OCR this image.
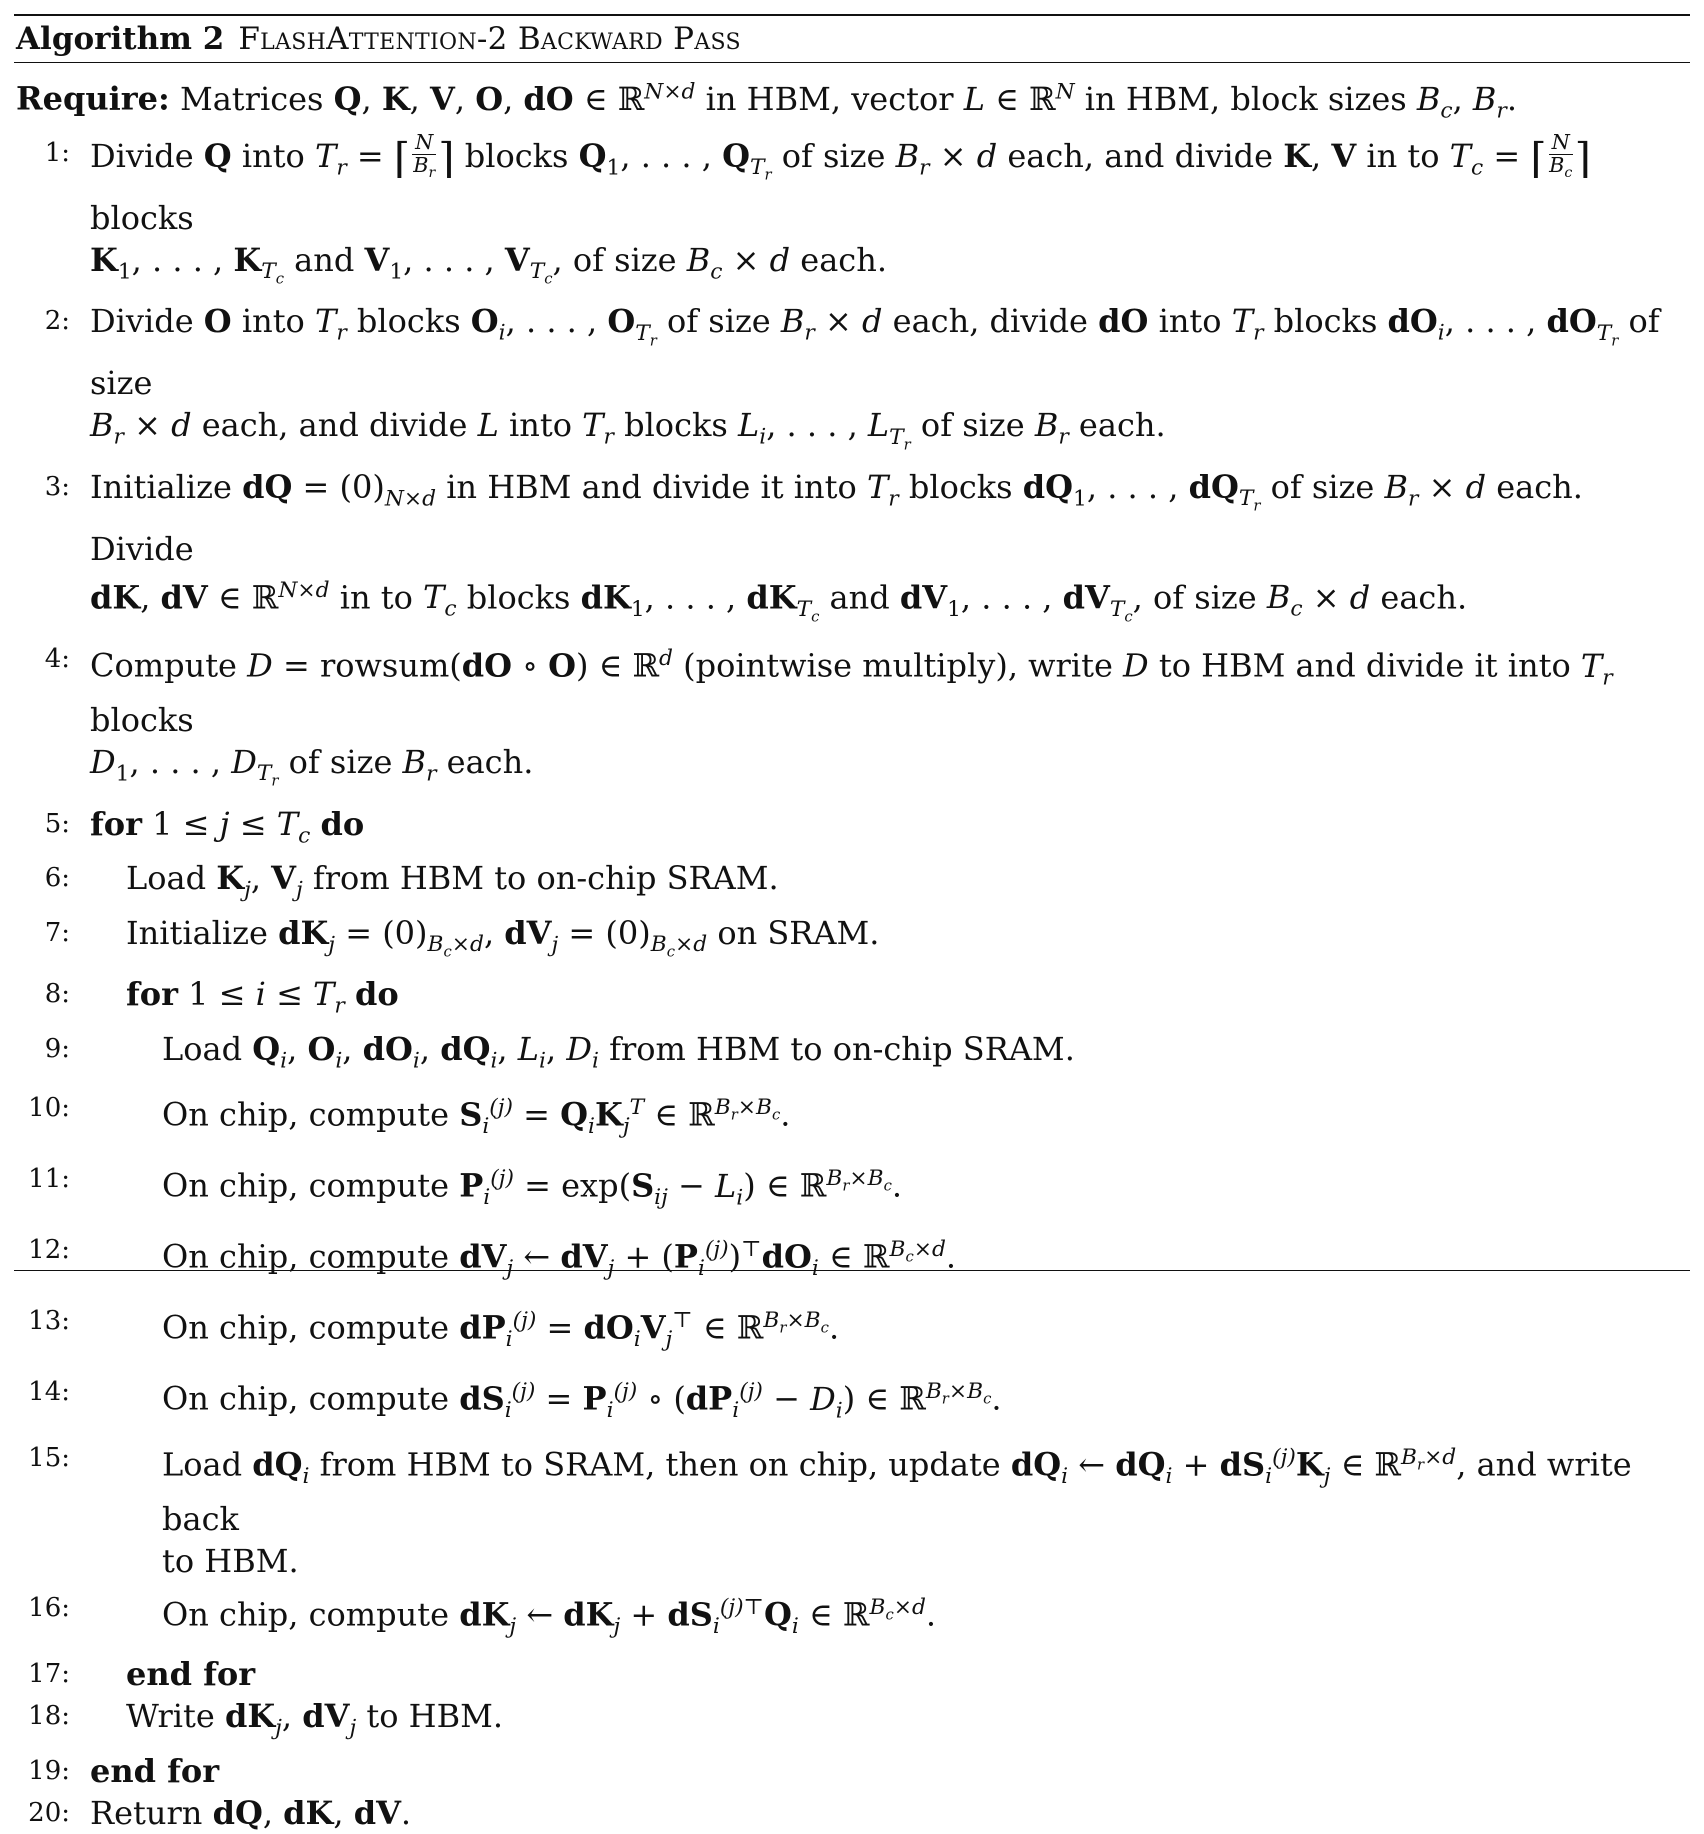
Algorithm 2 FlashAttention-2 Backward Pass
Require: Matrices Q, K, V, O, dO ∈ ℝ$^{N\times d}$ in HBM, vector L ∈ ℝ$^N$ in HBM, block sizes $B_c$, $B_r$.
1: Divide Q into $T_r$ = ⌈ $\frac{N}{B_r}$ ⌉ blocks $Q_1$, . . . , $Q_{T_r}$ of size $B_r \times d$ each, and divide K, V in to $T_c$ = ⌈ $\frac{N}{B_c}$ ⌉ blocks
$K_1$, . . . , $K_{T_c}$ and $V_1$, . . . , $V_{T_c}$, of size $B_c \times d$ each.
2: Divide O into $T_r$ blocks $O_i$, . . . , $O_{T_r}$ of size $B_r \times d$ each, divide dO into $T_r$ blocks $dO_i$, . . . , $dO_{T_r}$ of size
$B_r \times d$ each, and divide L into $T_r$ blocks $L_i$, . . . , $L_{T_r}$ of size $B_r$ each.
3: Initialize dQ = $(0)_{N\times d}$ in HBM and divide it into $T_r$ blocks $dQ_1$, . . . , $dQ_{T_r}$ of size $B_r \times d$ each. Divide
dK, dV ∈ ℝ$^{N\times d}$ in to $T_c$ blocks $dK_1$, . . . , $dK_{T_c}$ and $dV_1$, . . . , $dV_{T_c}$, of size $B_c \times d$ each.
4: Compute D = rowsum(dO ∘ O) ∈ ℝ$^d$ (pointwise multiply), write D to HBM and divide it into $T_r$ blocks
$D_1$, . . . , $D_{T_r}$ of size $B_r$ each.
5: for $1 \le j \le T_c$ do
6:	Load $K_j$, $V_j$ from HBM to on-chip SRAM.
7:	Initialize $dK_j = (0)_{B_c\times d}$, $dV_j = (0)_{B_c\times d}$ on SRAM.
8:	for $1 \le i \le T_r$ do
9:	Load $Q_i$, $O_i$, $dO_i$, $dQ_i$, $L_i$, $D_i$ from HBM to on-chip SRAM.
10:	On chip, compute $S_i^{(j)} = Q_iK_j^T$ ∈ ℝ$^{B_r\times B_c}$.
11:	On chip, compute $P_i^{(j)} = \exp(S_{ij} - L_i)$ ∈ ℝ$^{B_r\times B_c}$.
12:	On chip, compute $dV_j$ ← $dV_j + (P_i^{(j)})^⊤dO_i$ ∈ ℝ$^{B_c\times d}$.
13:	On chip, compute $dP_i^{(j)} = dO_iV_j^⊤$ ∈ ℝ$^{B_r\times B_c}$.
14:	On chip, compute $dS_i^{(j)} = P_i^{(j)}$ ∘ $(dP_i^{(j)} - D_i)$ ∈ ℝ$^{B_r\times B_c}$.
15:	Load $dQ_i$ from HBM to SRAM, then on chip, update $dQ_i$ ← $dQ_i + dS_i^{(j)}K_j$ ∈ ℝ$^{B_r\times d}$, and write back
to HBM.
16:	On chip, compute $dK_j$ ← $dK_j + dS_i^{(j)⊤}Q_i$ ∈ ℝ$^{B_c\times d}$.
17:	end for
18:	Write $dK_j$, $dV_j$ to HBM.
19: end for
20: Return dQ, dK, dV.
